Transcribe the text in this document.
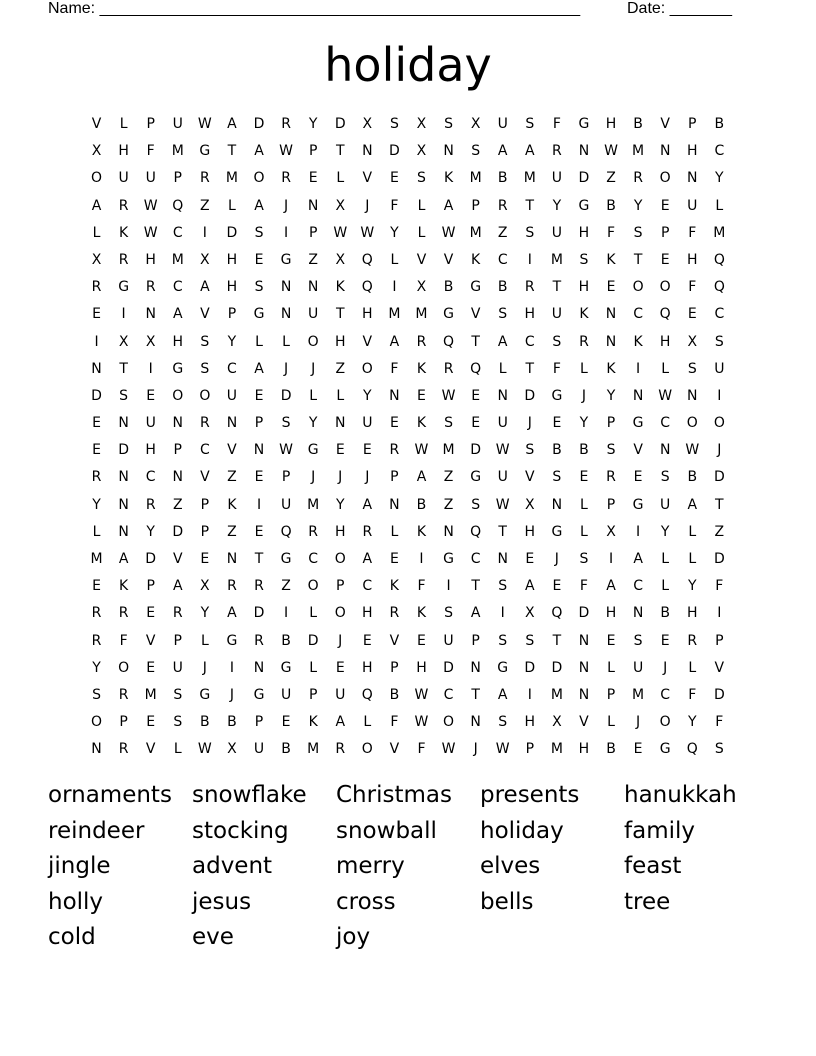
Name: ______________________________________________________	Date: _______
holiday
V	L	P	U	W	A	D	R	Y	D	X	S	X	S	X	U	S	F	G	H	B	V	P	B
X	H	F	M	G	T	A	W	P	T	N	D	X	N	S	A	A	R	N	W	M	N	H	C
O	U	U	P	R	M	O	R	E	L	V	E	S	K	M	B	M	U	D	Z	R	O	N	Y
A	R	W	Q	Z	L	A	J	N	X	J	F	L	A	P	R	T	Y	G	B	Y	E	U	L
L	K	W	C	I	D	S	I	P	W W	Y	L	W	M	Z	S	U	H	F	S	P	F	M
X	R	H	M	X	H	E	G	Z	X	Q	L	V	V	K	C	I	M	S	K	T	E	H	Q
R	G	R	C	A	H	S	N	N	K	Q	I	X	B	G	B	R	T	H	E	O	O	F	Q
E	I	N	A	V	P	G	N	U	T	H	M	M	G	V	S	H	U	K	N	C	Q	E	C
I	X	X	H	S	Y	L	L	O	H	V	A	R	Q	T	A	C	S	R	N	K	H	X	S
N	T	I	G	S	C	A	J	J	Z	O	F	K	R	Q	L	T	F	L	K	I	L	S	U
D	S	E	O	O	U	E	D	L	L	Y	N	E	W	E	N	D	G	J	Y	N	W	N	I
E	N	U	N	R	N	P	S	Y	N	U	E	K	S	E	U	J	E	Y	P	G	C	O	O
E	D	H	P	C	V	N	W	G	E	E	R	W	M	D	W	S	B	B	S	V	N	W	J
R	N	C	N	V	Z	E	P	J	J	J	P	A	Z	G	U	V	S	E	R	E	S	B	D
Y	N	R	Z	P	K	I	U	M	Y	A	N	B	Z	S	W	X	N	L	P	G	U	A	T
L	N	Y	D	P	Z	E	Q	R	H	R	L	K	N	Q	T	H	G	L	X	I	Y	L	Z
M	A	D	V	E	N	T	G	C	O	A	E	I	G	C	N	E	J	S	I	A	L	L	D
E	K	P	A	X	R	R	Z	O	P	C	K	F	I	T	S	A	E	F	A	C	L	Y	F
R	R	E	R	Y	A	D	I	L	O	H	R	K	S	A	I	X	Q	D	H	N	B	H	I
R	F	V	P	L	G	R	B	D	J	E	V	E	U	P	S	S	T	N	E	S	E	R	P
Y	O	E	U	J	I	N	G	L	E	H	P	H	D	N	G	D	D	N	L	U	J	L	V
S	R	M	S	G	J	G	U	P	U	Q	B	W	C	T	A	I	M	N	P	M	C	F	D
O	P	E	S	B	B	P	E	K	A	L	F	W	O	N	S	H	X	V	L	J	O	Y	F
N	R	V	L	W	X	U	B	M	R	O	V	F	W	J	W	P	M	H	B	E	G	Q	S
ornaments snowflake	Christmas	presents	hanukkah
reindeer	stocking	snowball	holiday	family
jingle	advent	merry	elves	feast
holly	jesus	cross	bells	tree
cold	eve	joy
